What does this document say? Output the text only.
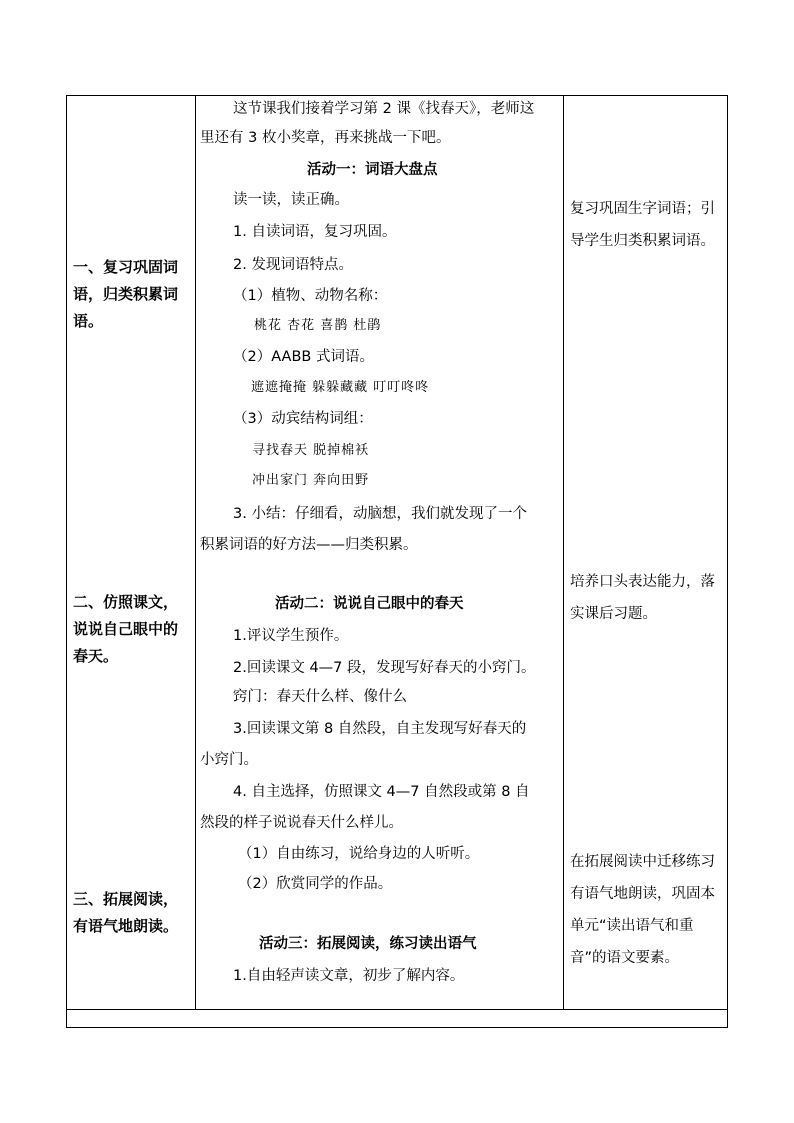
一、复习巩固词语，归类积累词语。
二、仿照课文，说说自己眼中的春天。
三、拓展阅读，有语气地朗读。
复习巩固生字词语；引导学生归类积累词语。
培养口头表达能力，落实课后习题。
在拓展阅读中迁移练习有语气地朗读，巩固本单元“读出语气和重音”的语文要素。
这节课我们接着学习第 2 课《找春天》，老师这
里还有 3 枚小奖章，再来挑战一下吧。
活动一：词语大盘点
读一读，读正确。
1. 自读词语，复习巩固。
2. 发现词语特点。
（1）植物、动物名称：
桃花 杏花 喜鹊 杜鹃
（2）AABB 式词语。
遮遮掩掩 躲躲藏藏 叮叮咚咚
（3）动宾结构词组：
寻找春天 脱掉棉袄
冲出家门 奔向田野
3. 小结：仔细看，动脑想，我们就发现了一个
积累词语的好方法——归类积累。
活动二：说说自己眼中的春天
1.评议学生预作。
2.回读课文 4—7 段，发现写好春天的小窍门。
窍门：春天什么样、像什么
3.回读课文第 8 自然段，自主发现写好春天的
小窍门。
4. 自主选择，仿照课文 4—7 自然段或第 8 自
然段的样子说说春天什么样儿。
（1）自由练习，说给身边的人听听。
（2）欣赏同学的作品。
活动三：拓展阅读，练习读出语气
1.自由轻声读文章，初步了解内容。
